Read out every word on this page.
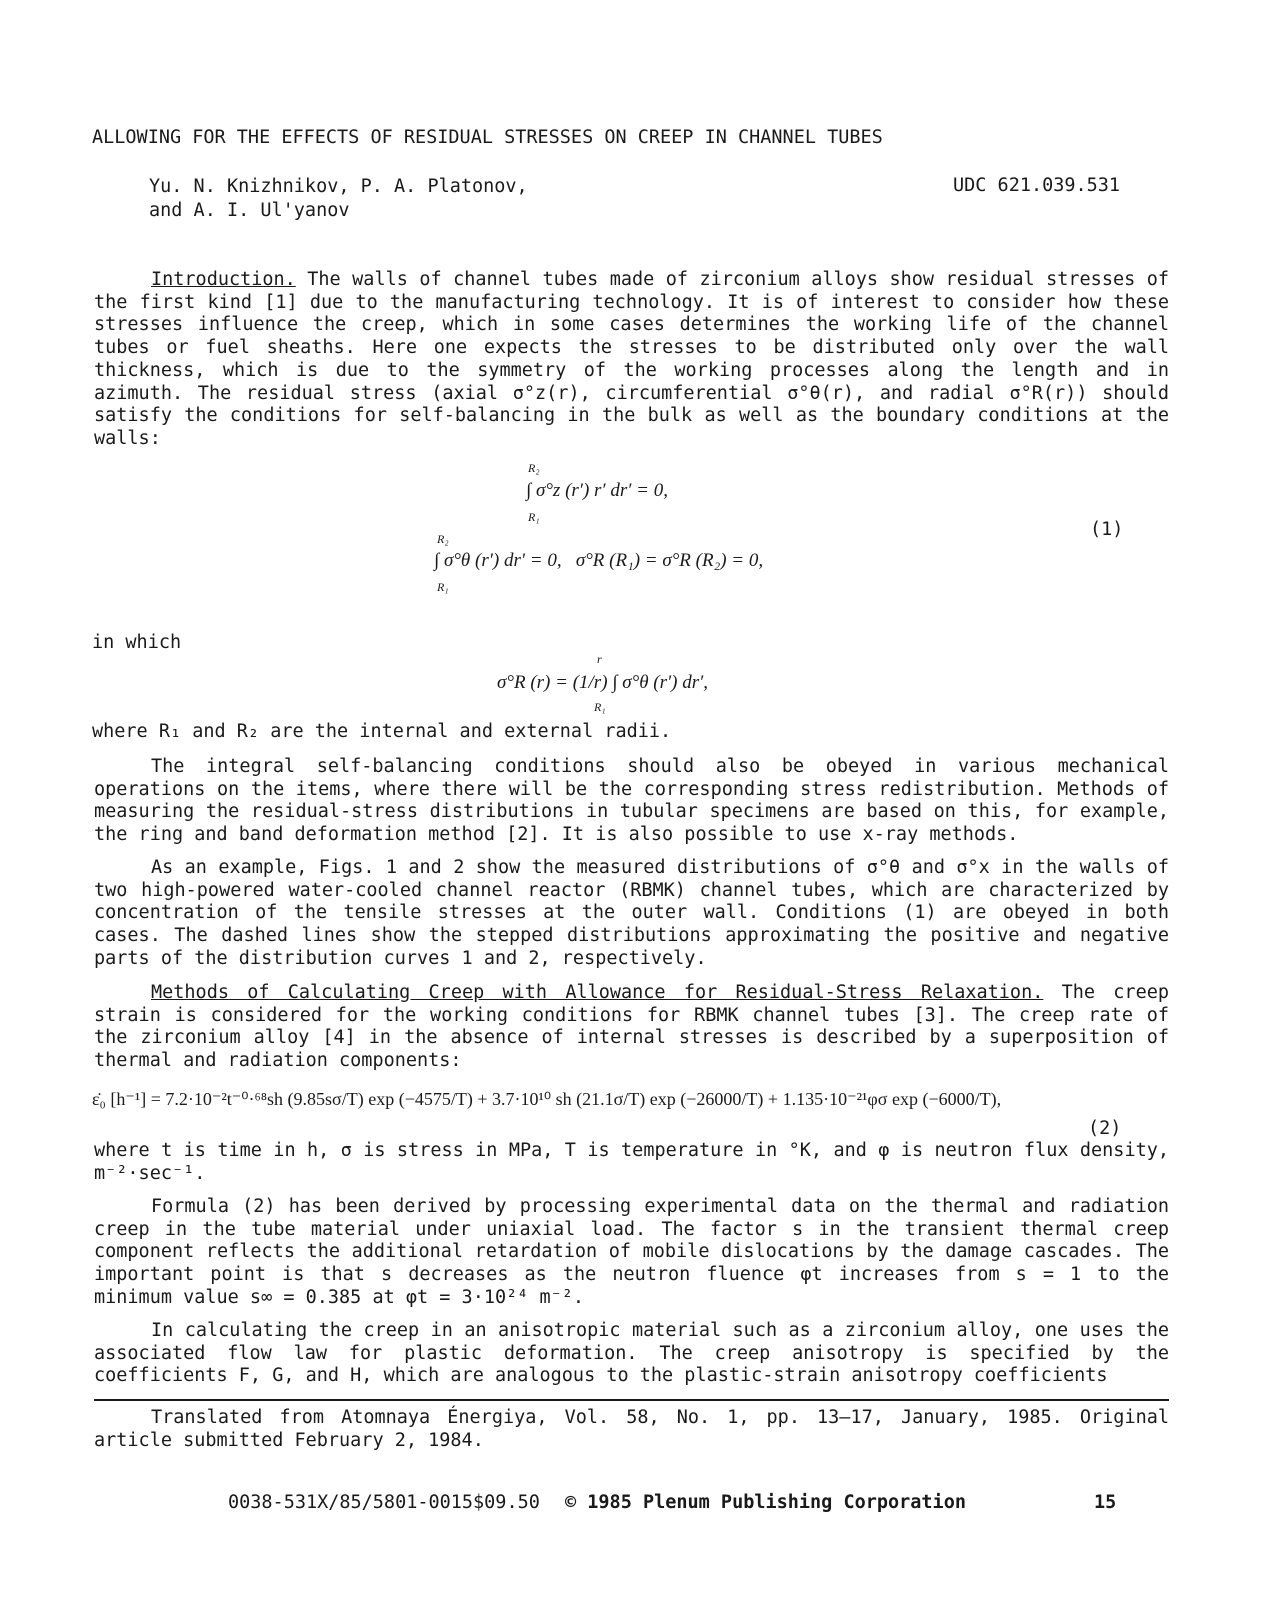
ALLOWING FOR THE EFFECTS OF RESIDUAL STRESSES ON CREEP IN CHANNEL TUBES
Yu. N. Knizhnikov, P. A. Platonov,
and A. I. Ul'yanov
UDC 621.039.531
Introduction. The walls of channel tubes made of zirconium alloys show residual stresses of the first kind [1] due to the manufacturing technology. It is of interest to consider how these stresses influence the creep, which in some cases determines the working life of the channel tubes or fuel sheaths. Here one expects the stresses to be distributed only over the wall thickness, which is due to the symmetry of the working processes along the length and in azimuth. The residual stress (axial σ°z(r), circumferential σ°θ(r), and radial σ°R(r)) should satisfy the conditions for self-balancing in the bulk as well as the boundary conditions at the walls:
R₂
R₁
∫ σ°z (r′) r′ dr′ = 0,
R₂
R₁
∫ σ°θ (r′) dr′ = 0,   σ°R (R₁) = σ°R (R₂) = 0,
(1)
in which
r
R₁
σ°R (r) = (1/r) ∫ σ°θ (r′) dr′,
where R₁ and R₂ are the internal and external radii.
The integral self-balancing conditions should also be obeyed in various mechanical operations on the items, where there will be the corresponding stress redistribution. Methods of measuring the residual-stress distributions in tubular specimens are based on this, for example, the ring and band deformation method [2]. It is also possible to use x-ray methods.
As an example, Figs. 1 and 2 show the measured distributions of σ°θ and σ°x in the walls of two high-powered water-cooled channel reactor (RBMK) channel tubes, which are characterized by concentration of the tensile stresses at the outer wall. Conditions (1) are obeyed in both cases. The dashed lines show the stepped distributions approximating the positive and negative parts of the distribution curves 1 and 2, respectively.
Methods of Calculating Creep with Allowance for Residual-Stress Relaxation. The creep strain is considered for the working conditions for RBMK channel tubes [3]. The creep rate of the zirconium alloy [4] in the absence of internal stresses is described by a superposition of thermal and radiation components:
ε̇₀ [h⁻¹] = 7.2·10⁻²t⁻⁰·⁶⁸sh (9.85sσ/T) exp (−4575/T) + 3.7·10¹⁰ sh (21.1σ/T) exp (−26000/T) + 1.135·10⁻²¹φσ exp (−6000/T),
(2)
where t is time in h, σ is stress in MPa, T is temperature in °K, and φ is neutron flux density, m⁻²·sec⁻¹.
Formula (2) has been derived by processing experimental data on the thermal and radiation creep in the tube material under uniaxial load. The factor s in the transient thermal creep component reflects the additional retardation of mobile dislocations by the damage cascades. The important point is that s decreases as the neutron fluence φt increases from s = 1 to the minimum value s∞ = 0.385 at φt = 3·10²⁴ m⁻².
In calculating the creep in an anisotropic material such as a zirconium alloy, one uses the associated flow law for plastic deformation. The creep anisotropy is specified by the coefficients F, G, and H, which are analogous to the plastic-strain anisotropy coefficients
Translated from Atomnaya Énergiya, Vol. 58, No. 1, pp. 13–17, January, 1985. Original article submitted February 2, 1984.
0038-531X/85/5801-0015$09.50 © 1985 Plenum Publishing Corporation	15
